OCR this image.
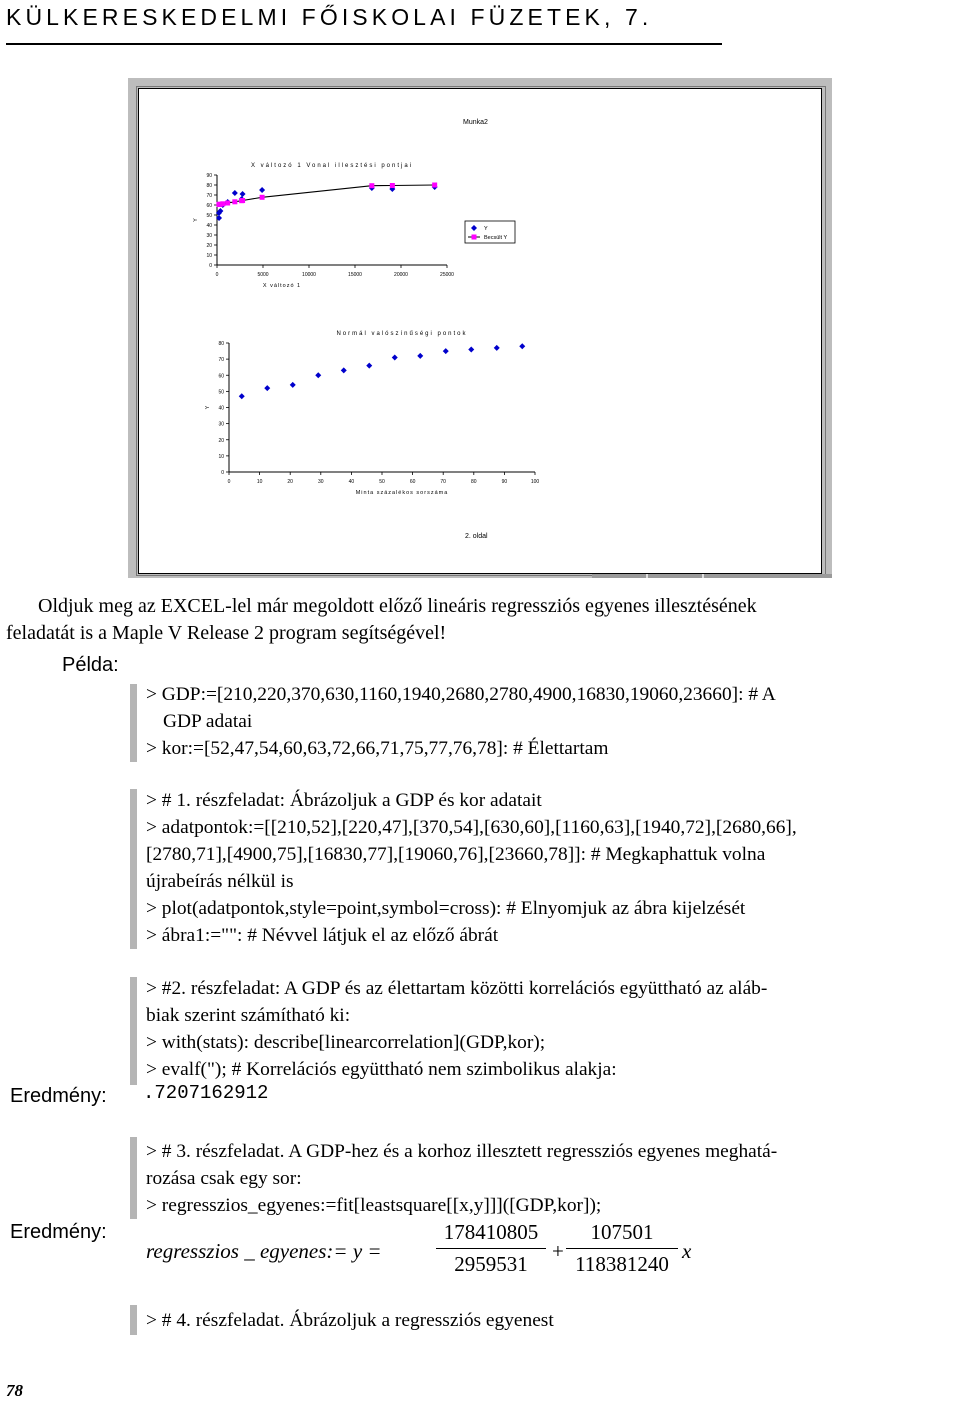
KÜLKERESKEDELMI FŐISKOLAI FÜZETEK, 7.
Munka2
X változó 1 Vonal illesztési pontjai
0
10
20
30
40
50
60
70
80
90
0	5000	10000	15000	20000	25000
X változó 1
Y
Y
Becsült Y
Normál valószínűségi pontok
0
10
20
30
40
50
60
70
80
0	10	20	30	40	50	60	70	80	90	100
Minta százalékos sorszáma
Y
2. oldal
Oldjuk meg az EXCEL-lel már megoldott előző lineáris regressziós egyenes illesztésének
feladatát is a Maple V Release 2 program segítségével!
Példa:
> GDP:=[210,220,370,630,1160,1940,2680,2780,4900,16830,19060,23660]: # A
GDP adatai
> kor:=[52,47,54,60,63,72,66,71,75,77,76,78]: # Élettartam
> # 1. részfeladat: Ábrázoljuk a GDP és kor adatait
> adatpontok:=[[210,52],[220,47],[370,54],[630,60],[1160,63],[1940,72],[2680,66],
[2780,71],[4900,75],[16830,77],[19060,76],[23660,78]]: # Megkaphattuk volna
újrabeírás nélkül is
> plot(adatpontok,style=point,symbol=cross): # Elnyomjuk az ábra kijelzését
> ábra1:="": # Névvel látjuk el az előző ábrát
> #2. részfeladat: A GDP és az élettartam közötti korrelációs együttható az aláb-
biak szerint számítható ki:
> with(stats): describe[linearcorrelation](GDP,kor);
> evalf("); # Korrelációs együttható nem szimbolikus alakja:
Eredmény: .7207162912
> # 3. részfeladat. A GDP-hez és a korhoz illesztett regressziós egyenes meghatá-
rozása csak egy sor:
> regresszios_egyenes:=fit[leastsquare[[x,y]]]([GDP,kor]);
Eredmény:
regresszios _ egyenes:= y =
178410805
2959531
+
107501
118381240
x
> # 4. részfeladat. Ábrázoljuk a regressziós egyenest
78
